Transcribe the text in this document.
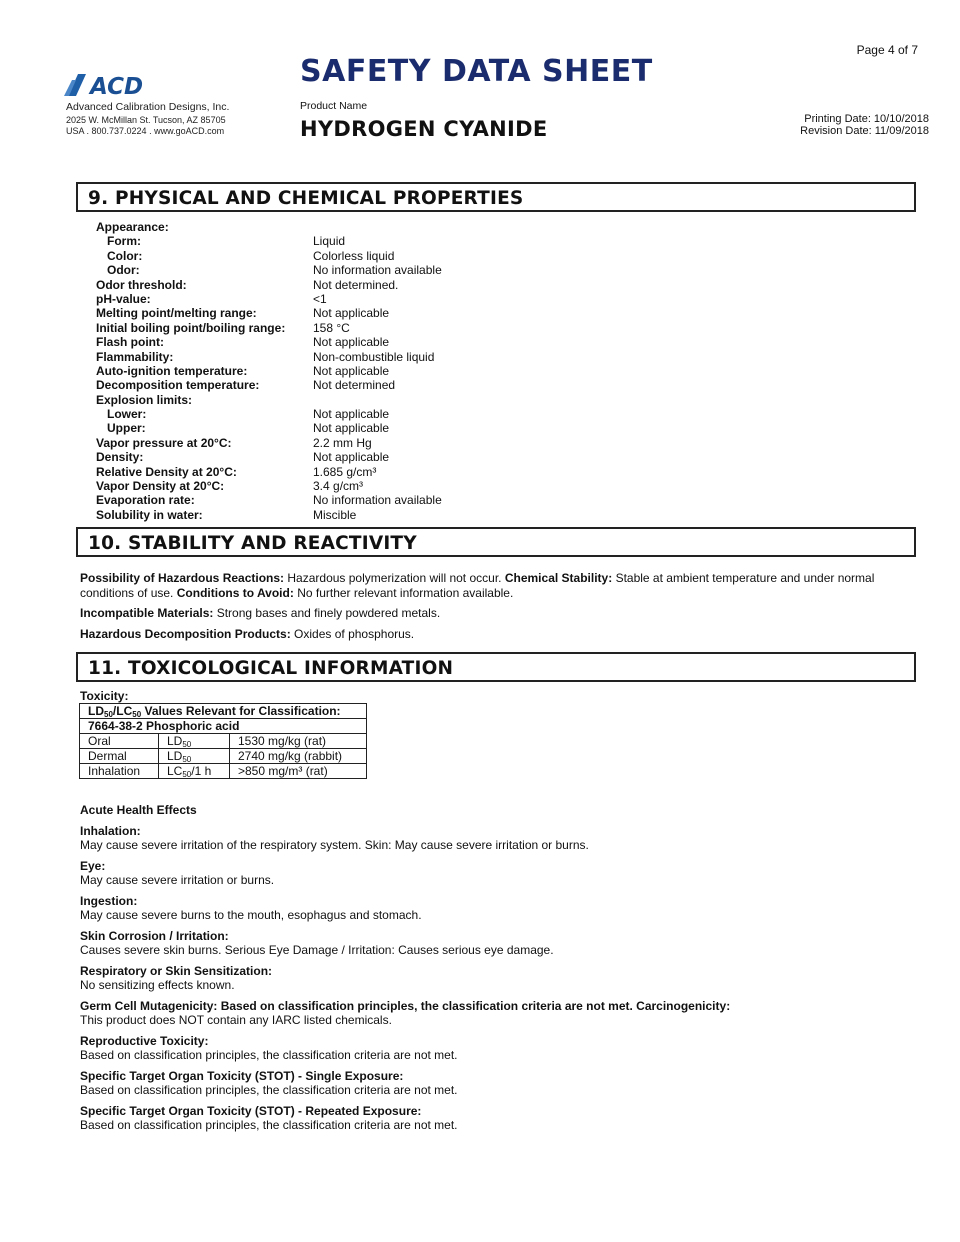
Page 4 of 7
ACD
Advanced Calibration Designs, Inc.
2025 W. McMillan St. Tucson, AZ 85705
USA . 800.737.0224 . www.goACD.com
SAFETY DATA SHEET
Product Name
HYDROGEN CYANIDE	Printing Date: 10/10/2018
Revision Date: 11/09/2018
9. PHYSICAL AND CHEMICAL PROPERTIES
Appearance:
Form:	Liquid
Color:	Colorless liquid
Odor:	No information available
Odor threshold:	Not determined.
pH-value:	<1
Melting point/melting range:	Not applicable
Initial boiling point/boiling range:	158 °C
Flash point:	Not applicable
Flammability:	Non-combustible liquid
Auto-ignition temperature:	Not applicable
Decomposition temperature:	Not determined
Explosion limits:
Lower:	Not applicable
Upper:	Not applicable
Vapor pressure at 20°C:	2.2 mm Hg
Density:	Not applicable
Relative Density at 20°C:	1.685 g/cm³
Vapor Density at 20°C:	3.4 g/cm³
Evaporation rate:	No information available
Solubility in water:	Miscible
10. STABILITY AND REACTIVITY
Possibility of Hazardous Reactions: Hazardous polymerization will not occur. Chemical Stability: Stable at ambient temperature and under normal conditions of use. Conditions to Avoid: No further relevant information available.
Incompatible Materials: Strong bases and finely powdered metals.
Hazardous Decomposition Products: Oxides of phosphorus.
11. TOXICOLOGICAL INFORMATION
Toxicity:
$LD_{50}/LC_{50}$ Values Relevant for Classification:		
7664-38-2 Phosphoric acid		
Oral	$LD_{50}$	1530 mg/kg (rat)
Dermal	$LD_{50}$	2740 mg/kg (rabbit)
Inhalation	$LC_{50}/1$ h	>850 mg/m³ (rat)
Acute Health Effects
Inhalation:
May cause severe irritation of the respiratory system. Skin: May cause severe irritation or burns.
Eye:
May cause severe irritation or burns.
Ingestion:
May cause severe burns to the mouth, esophagus and stomach.
Skin Corrosion / Irritation:
Causes severe skin burns. Serious Eye Damage / Irritation: Causes serious eye damage.
Respiratory or Skin Sensitization:
No sensitizing effects known.
Germ Cell Mutagenicity: Based on classification principles, the classification criteria are not met. Carcinogenicity:
This product does NOT contain any IARC listed chemicals.
Reproductive Toxicity:
Based on classification principles, the classification criteria are not met.
Specific Target Organ Toxicity (STOT) - Single Exposure:
Based on classification principles, the classification criteria are not met.
Specific Target Organ Toxicity (STOT) - Repeated Exposure:
Based on classification principles, the classification criteria are not met.
